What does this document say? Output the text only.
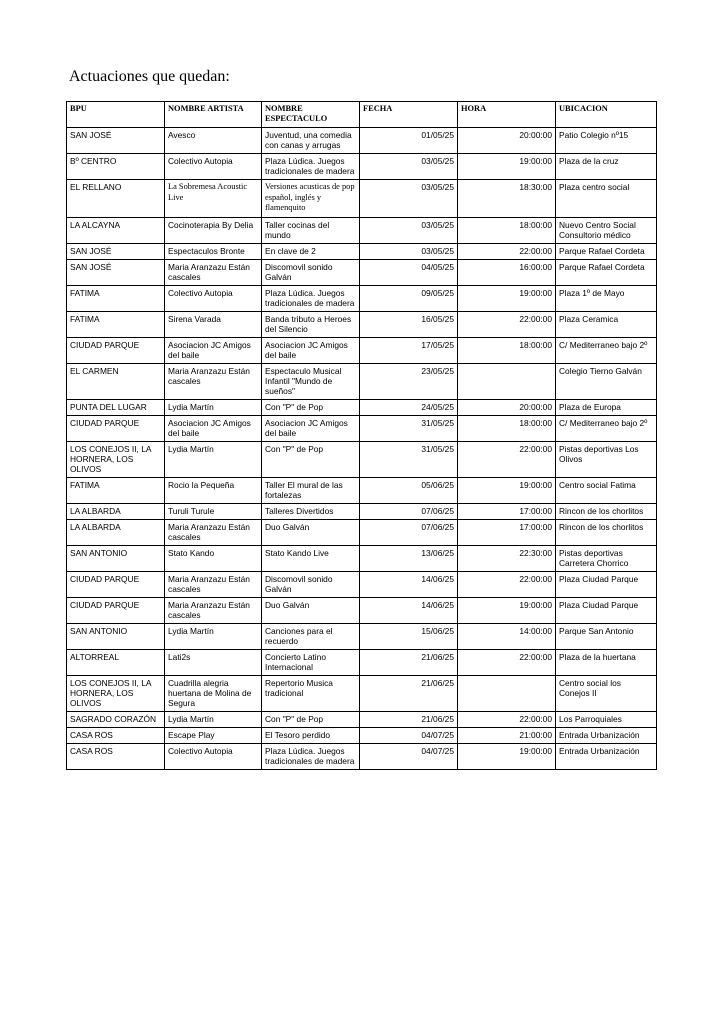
Actuaciones que quedan:
BPU	NOMBRE ARTISTA	NOMBRE ESPECTACULO	FECHA	HORA	UBICACION
SAN JOSÉ	Avesco	Juventud, una comedia con canas y arrugas	01/05/25	20:00:00	Patio Colegio nº15
Bº CENTRO	Colectivo Autopia	Plaza Lúdica. Juegos tradicionales de madera	03/05/25	19:00:00	Plaza de la cruz
EL RELLANO	La Sobremesa Acoustic Live	Versiones acusticas de pop español, inglés y flamenquito	03/05/25	18:30:00	Plaza centro social
LA ALCAYNA	Cocinoterapia By Delia	Taller cocinas del mundo	03/05/25	18:00:00	Nuevo Centro Social Consultorio médico
SAN JOSÉ	Espectaculos Bronte	En clave de 2	03/05/25	22:00:00	Parque Rafael Cordeta
SAN JOSÉ	Maria Aranzazu Están cascales	Discomovil sonido Galván	04/05/25	16:00:00	Parque Rafael Cordeta
FATIMA	Colectivo Autopia	Plaza Lúdica. Juegos tradicionales de madera	09/05/25	19:00:00	Plaza 1º de Mayo
FATIMA	Sirena Varada	Banda tributo a Heroes del Silencio	16/05/25	22:00:00	Plaza Ceramica
CIUDAD PARQUE	Asociacion JC Amigos del baile	Asociacion JC Amigos del baile	17/05/25	18:00:00	C/ Mediterraneo bajo 2º
EL CARMEN	Maria Aranzazu Están cascales	Espectaculo Musical Infantil "Mundo de sueños"	23/05/25		Colegio Tierno Galván
PUNTA DEL LUGAR	Lydia Martín	Con "P" de Pop	24/05/25	20:00:00	Plaza de Europa
CIUDAD PARQUE	Asociacion JC Amigos del baile	Asociacion JC Amigos del baile	31/05/25	18:00:00	C/ Mediterraneo bajo 2º
LOS CONEJOS II, LA HORNERA, LOS OLIVOS	Lydia Martín	Con "P" de Pop	31/05/25	22:00:00	Pistas deportivas Los Olivos
FATIMA	Rocio la Pequeña	Taller El mural de las fortalezas	05/06/25	19:00:00	Centro social Fatima
LA ALBARDA	Turuli Turule	Talleres Divertidos	07/06/25	17:00:00	Rincon de los chorlitos
LA ALBARDA	Maria Aranzazu Están cascales	Duo Galván	07/06/25	17:00:00	Rincon de los chorlitos
SAN ANTONIO	Stato Kando	Stato Kando Live	13/06/25	22:30:00	Pistas deportivas Carretera Chorrico
CIUDAD PARQUE	Maria Aranzazu Están cascales	Discomovil sonido Galván	14/06/25	22:00:00	Plaza Ciudad Parque
CIUDAD PARQUE	Maria Aranzazu Están cascales	Duo Galván	14/06/25	19:00:00	Plaza Ciudad Parque
SAN ANTONIO	Lydia Martín	Canciones para el recuerdo	15/06/25	14:00:00	Parque San Antonio
ALTORREAL	Lati2s	Concierto Latino Internacional	21/06/25	22:00:00	Plaza de la huertana
LOS CONEJOS II, LA HORNERA, LOS OLIVOS	Cuadrilla alegria huertana de Molina de Segura	Repertorio Musica tradicional	21/06/25		Centro social los Conejos II
SAGRADO CORAZÓN	Lydia Martín	Con "P" de Pop	21/06/25	22:00:00	Los Parroquiales
CASA ROS	Escape Play	El Tesoro perdido	04/07/25	21:00:00	Entrada Urbanización
CASA ROS	Colectivo Autopia	Plaza Lúdica. Juegos tradicionales de madera	04/07/25	19:00:00	Entrada Urbanización
